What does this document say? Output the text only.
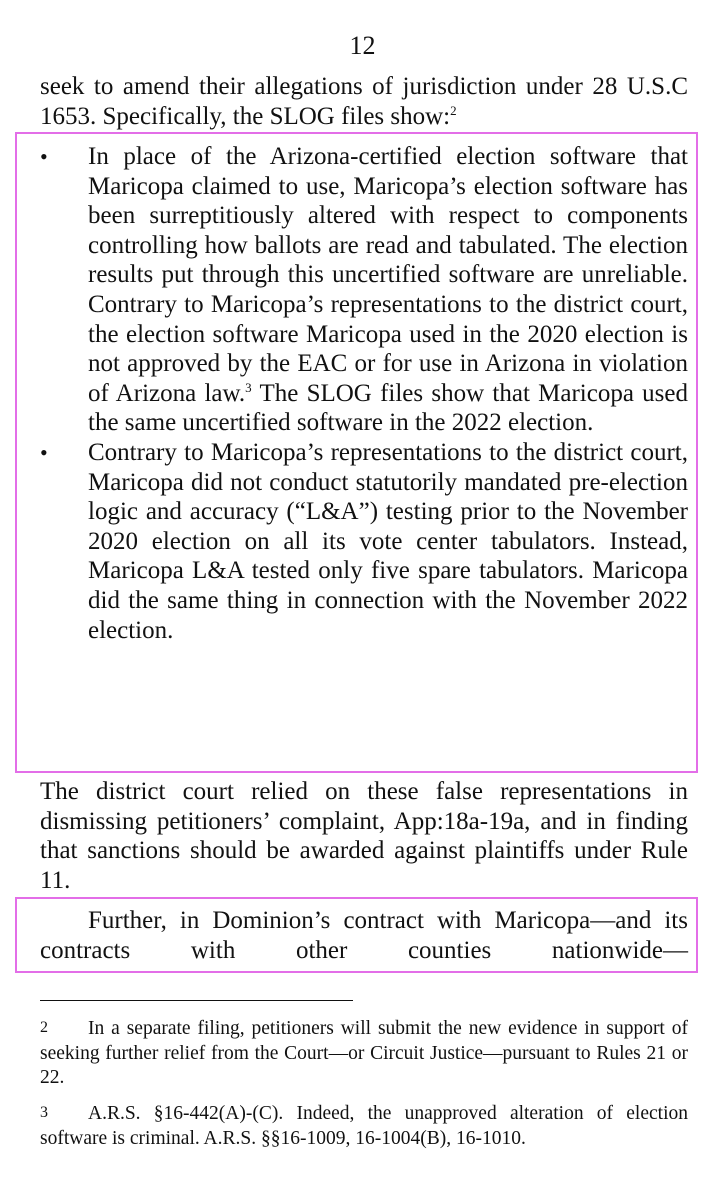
12
seek to amend their allegations of jurisdiction under 28 U.S.C 1653. Specifically, the SLOG files show:$^2$
• In place of the Arizona-certified election software that Maricopa claimed to use, Maricopa’s election software has been surreptitiously altered with respect to components controlling how ballots are read and tabulated. The election results put through this uncertified software are unreliable. Contrary to Maricopa’s representations to the district court, the election software Maricopa used in the 2020 election is not approved by the EAC or for use in Arizona in violation of Arizona law.$^3$ The SLOG files show that Maricopa used the same uncertified software in the 2022 election.
• Contrary to Maricopa’s representations to the district court, Maricopa did not conduct statutorily mandated pre-election logic and accuracy (“L&A”) testing prior to the November 2020 election on all its vote center tabulators. Instead, Maricopa L&A tested only five spare tabulators. Maricopa did the same thing in connection with the November 2022 election.
The district court relied on these false representations in dismissing petitioners’ complaint, App:18a-19a, and in finding that sanctions should be awarded against plaintiffs under Rule 11.
Further, in Dominion’s contract with Maricopa—and its contracts with other counties nationwide—
2 In a separate filing, petitioners will submit the new evidence in support of seeking further relief from the Court—or Circuit Justice—pursuant to Rules 21 or 22.
3 A.R.S. §16-442(A)-(C). Indeed, the unapproved alteration of election software is criminal. A.R.S. §§16-1009, 16-1004(B), 16-1010.
